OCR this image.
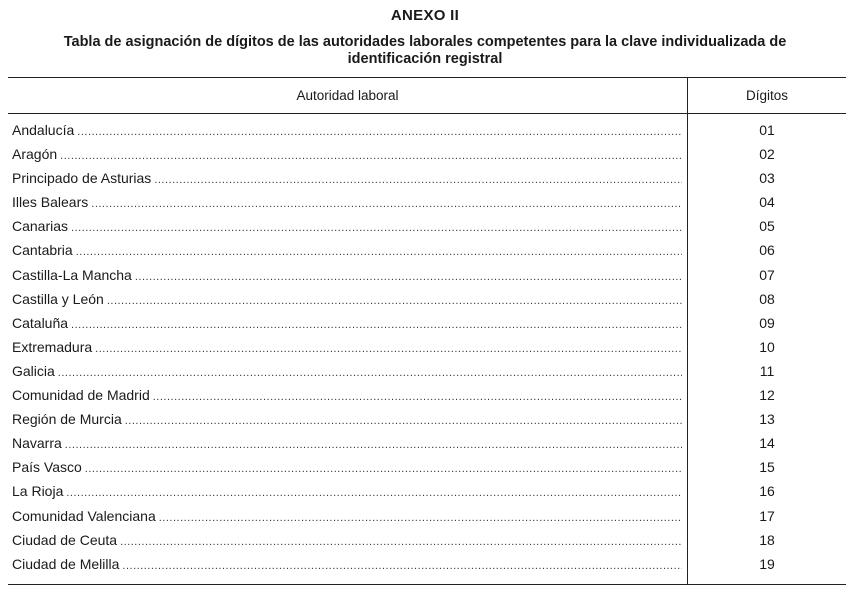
ANEXO II
Tabla de asignación de dígitos de las autoridades laborales competentes para la clave individualizada de identificación registral
Autoridad laboral	Dígitos
Andalucía .....	01
Aragón .....	02
Principado de Asturias .....	03
Illes Balears .....	04
Canarias .....	05
Cantabria .....	06
Castilla-La Mancha .....	07
Castilla y León .....	08
Cataluña .....	09
Extremadura .....	10
Galicia .....	11
Comunidad de Madrid .....	12
Región de Murcia .....	13
Navarra .....	14
País Vasco .....	15
La Rioja .....	16
Comunidad Valenciana .....	17
Ciudad de Ceuta .....	18
Ciudad de Melilla .....	19
